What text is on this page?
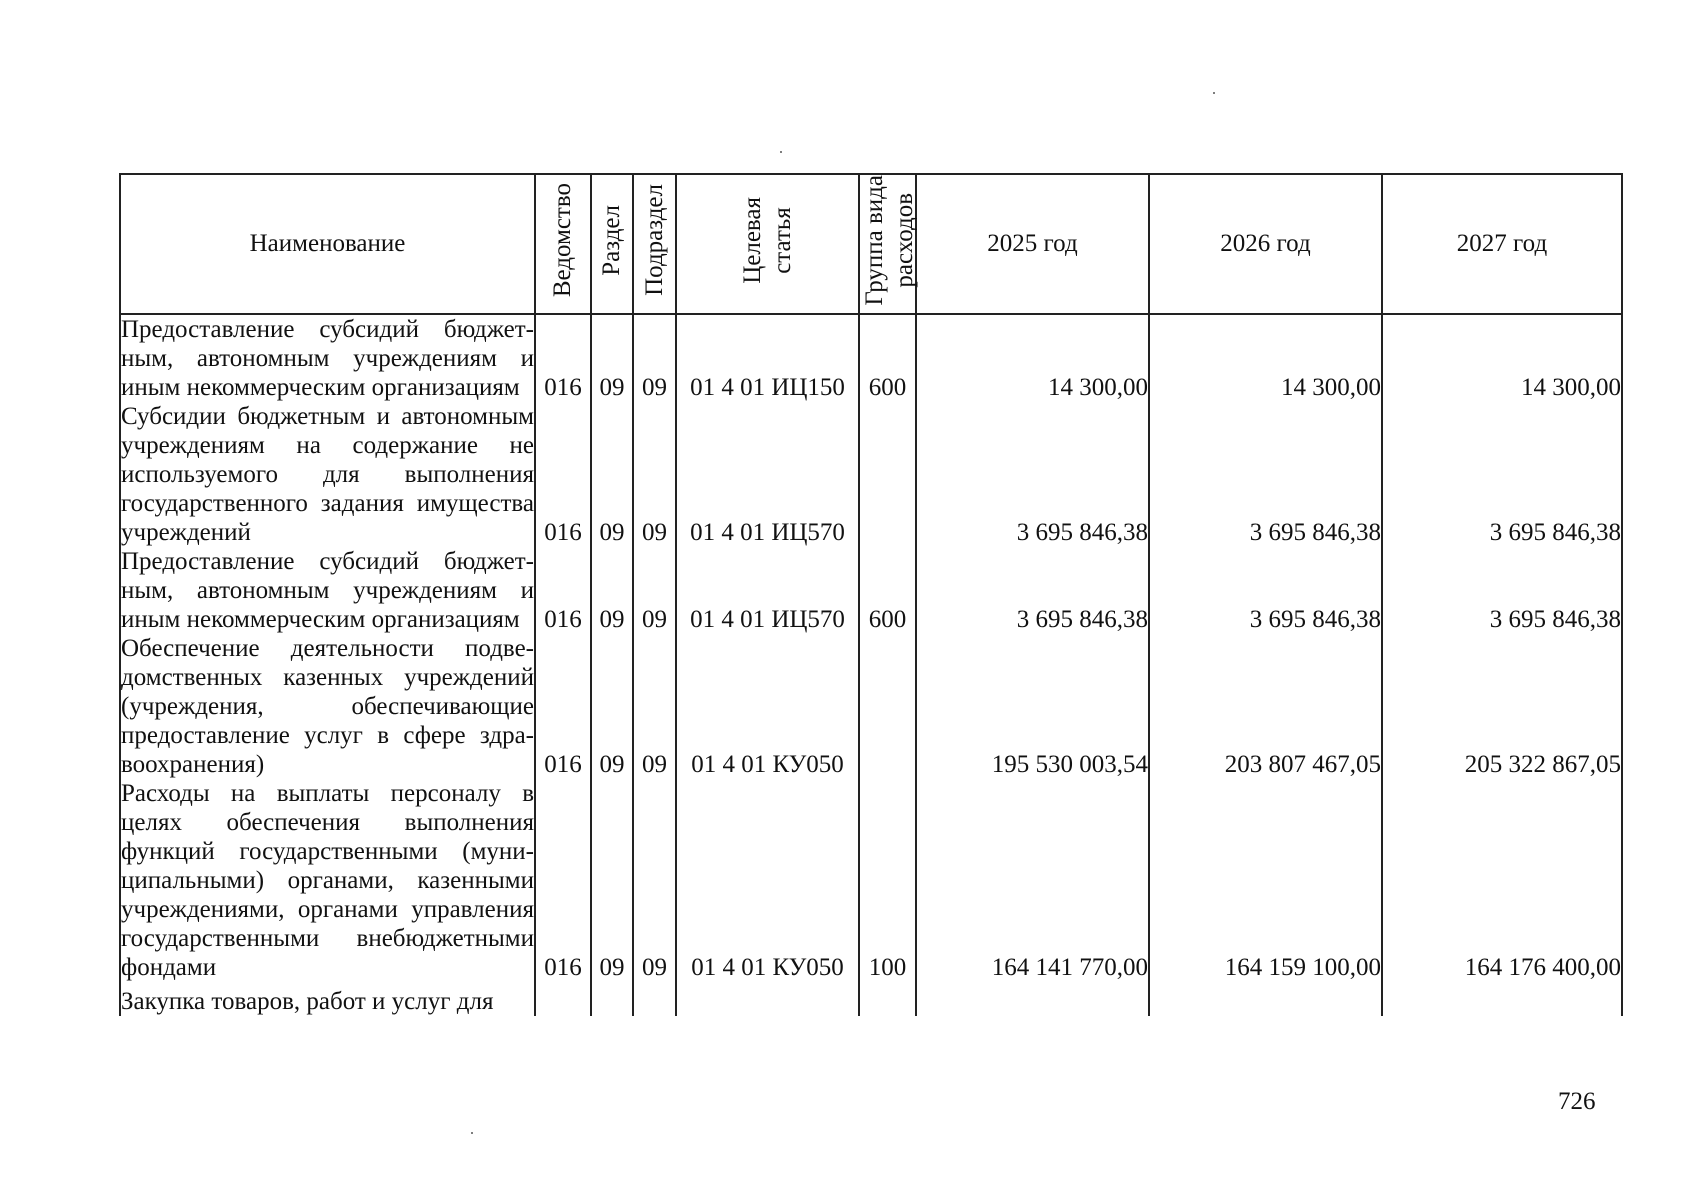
Наименование	Ведомство	Раздел	Подраздел	Целевая статья	Группа вида расходов	2025 год	2026 год	2027 год
Предоставление субсидий бюджетным, автономным учреждениям и иным некоммерческим организациям	016	09	09	01 4 01 ИЦ150	600	14 300,00	14 300,00	14 300,00
Субсидии бюджетным и автономным учреждениям на содержание не используемого для выполнения государственного задания имущества учреждений	016	09	09	01 4 01 ИЦ570		3 695 846,38	3 695 846,38	3 695 846,38
Предоставление субсидий бюджетным, автономным учреждениям и иным некоммерческим организациям	016	09	09	01 4 01 ИЦ570	600	3 695 846,38	3 695 846,38	3 695 846,38
Обеспечение деятельности подведомственных казенных учреждений (учреждения, обеспечивающие предоставление услуг в сфере здравоохранения)	016	09	09	01 4 01 КУ050		195 530 003,54	203 807 467,05	205 322 867,05
Расходы на выплаты персоналу в целях обеспечения выполнения функций государственными (муниципальными) органами, казенными учреждениями, органами управления государственными внебюджетными фондами	016	09	09	01 4 01 КУ050	100	164 141 770,00	164 159 100,00	164 176 400,00
Закупка товаров, работ и услуг для								
726
